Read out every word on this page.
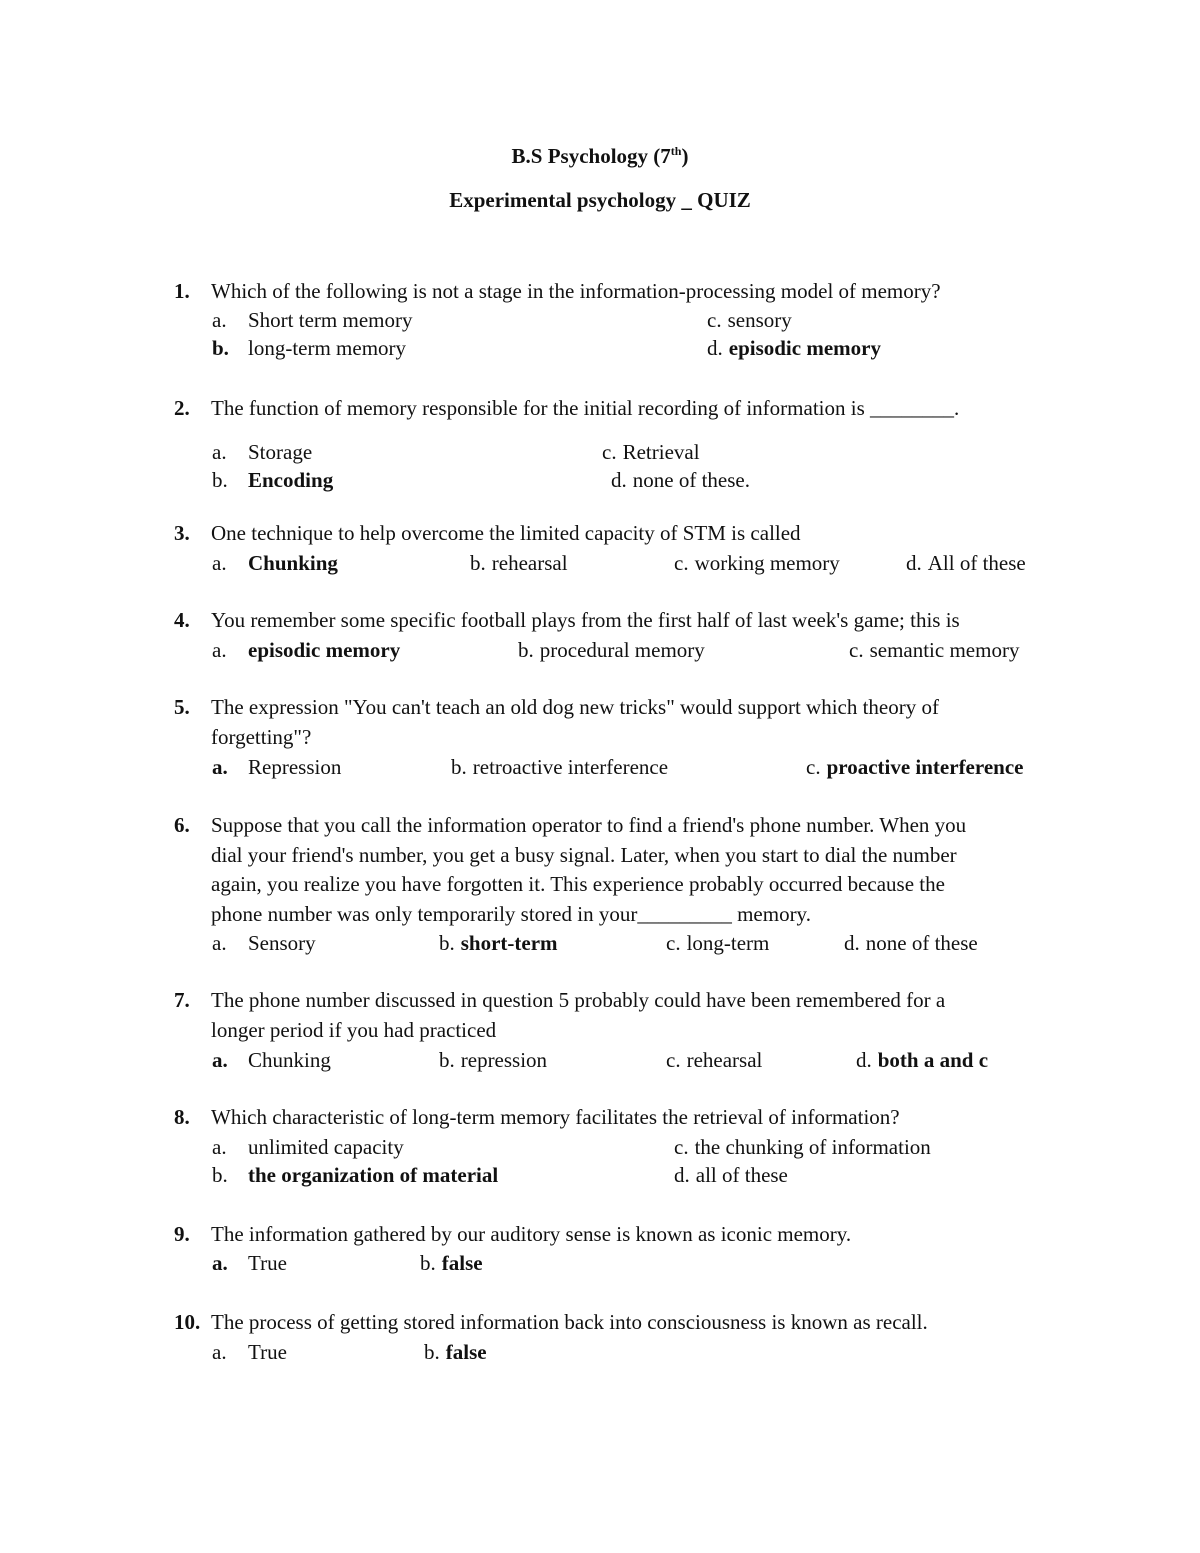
B.S Psychology (7th)
Experimental psychology _ QUIZ
1. Which of the following is not a stage in the information-processing model of memory?
a. Short term memory	c. sensory
b. long-term memory	d. episodic memory
2. The function of memory responsible for the initial recording of information is ________.
a. Storage	c. Retrieval
b. Encoding	d. none of these.
3. One technique to help overcome the limited capacity of STM is called
a. Chunking	b. rehearsal	c. working memory	d. All of these
4. You remember some specific football plays from the first half of last week's game; this is
a. episodic memory	b. procedural memory	c. semantic memory
5. The expression "You can't teach an old dog new tricks" would support which theory of
forgetting"?
a. Repression	b. retroactive interference	c. proactive interference
6. Suppose that you call the information operator to find a friend's phone number. When you
dial your friend's number, you get a busy signal. Later, when you start to dial the number
again, you realize you have forgotten it. This experience probably occurred because the
phone number was only temporarily stored in your_________ memory.
a. Sensory	b. short-term	c. long-term	d. none of these
7. The phone number discussed in question 5 probably could have been remembered for a
longer period if you had practiced
a. Chunking	b. repression	c. rehearsal	d. both a and c
8. Which characteristic of long-term memory facilitates the retrieval of information?
a. unlimited capacity	c. the chunking of information
b. the organization of material	d. all of these
9. The information gathered by our auditory sense is known as iconic memory.
a. True	b. false
10. The process of getting stored information back into consciousness is known as recall.
a. True	b. false
